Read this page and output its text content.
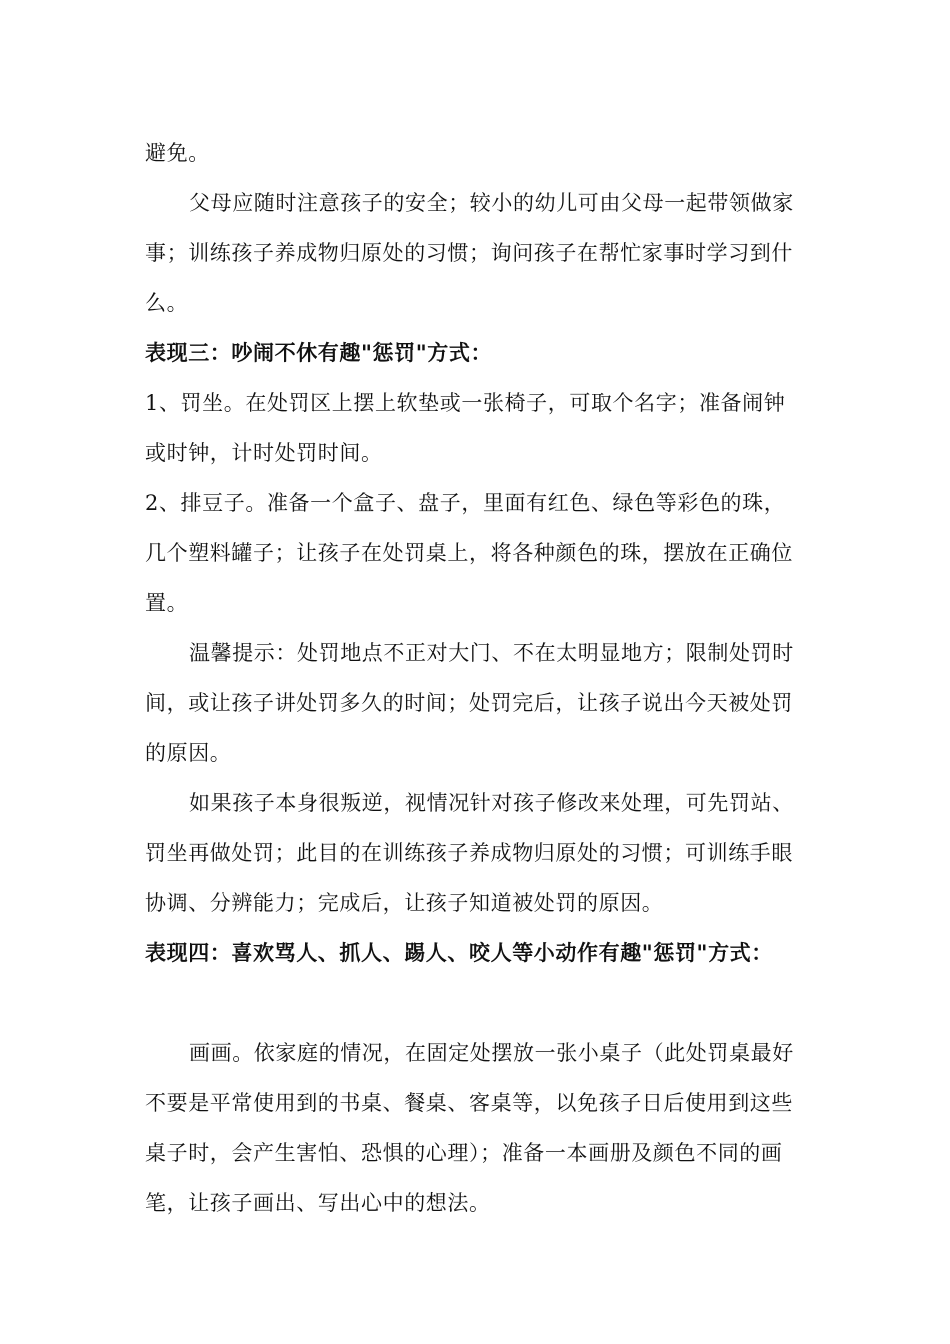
避免。

父母应随时注意孩子的安全；较小的幼儿可由父母一起带领做家事；训练孩子养成物归原处的习惯；询问孩子在帮忙家事时学习到什么。

表现三：吵闹不休有趣"惩罚"方式：

1、罚坐。在处罚区上摆上软垫或一张椅子，可取个名字；准备闹钟或时钟，计时处罚时间。

2、排豆子。准备一个盒子、盘子，里面有红色、绿色等彩色的珠，几个塑料罐子；让孩子在处罚桌上，将各种颜色的珠，摆放在正确位置。

温馨提示：处罚地点不正对大门、不在太明显地方；限制处罚时间，或让孩子讲处罚多久的时间；处罚完后，让孩子说出今天被处罚的原因。

如果孩子本身很叛逆，视情况针对孩子修改来处理，可先罚站、罚坐再做处罚；此目的在训练孩子养成物归原处的习惯；可训练手眼协调、分辨能力；完成后，让孩子知道被处罚的原因。

表现四：喜欢骂人、抓人、踢人、咬人等小动作有趣"惩罚"方式：

画画。依家庭的情况，在固定处摆放一张小桌子（此处罚桌最好不要是平常使用到的书桌、餐桌、客桌等，以免孩子日后使用到这些桌子时，会产生害怕、恐惧的心理）；准备一本画册及颜色不同的画笔，让孩子画出、写出心中的想法。
